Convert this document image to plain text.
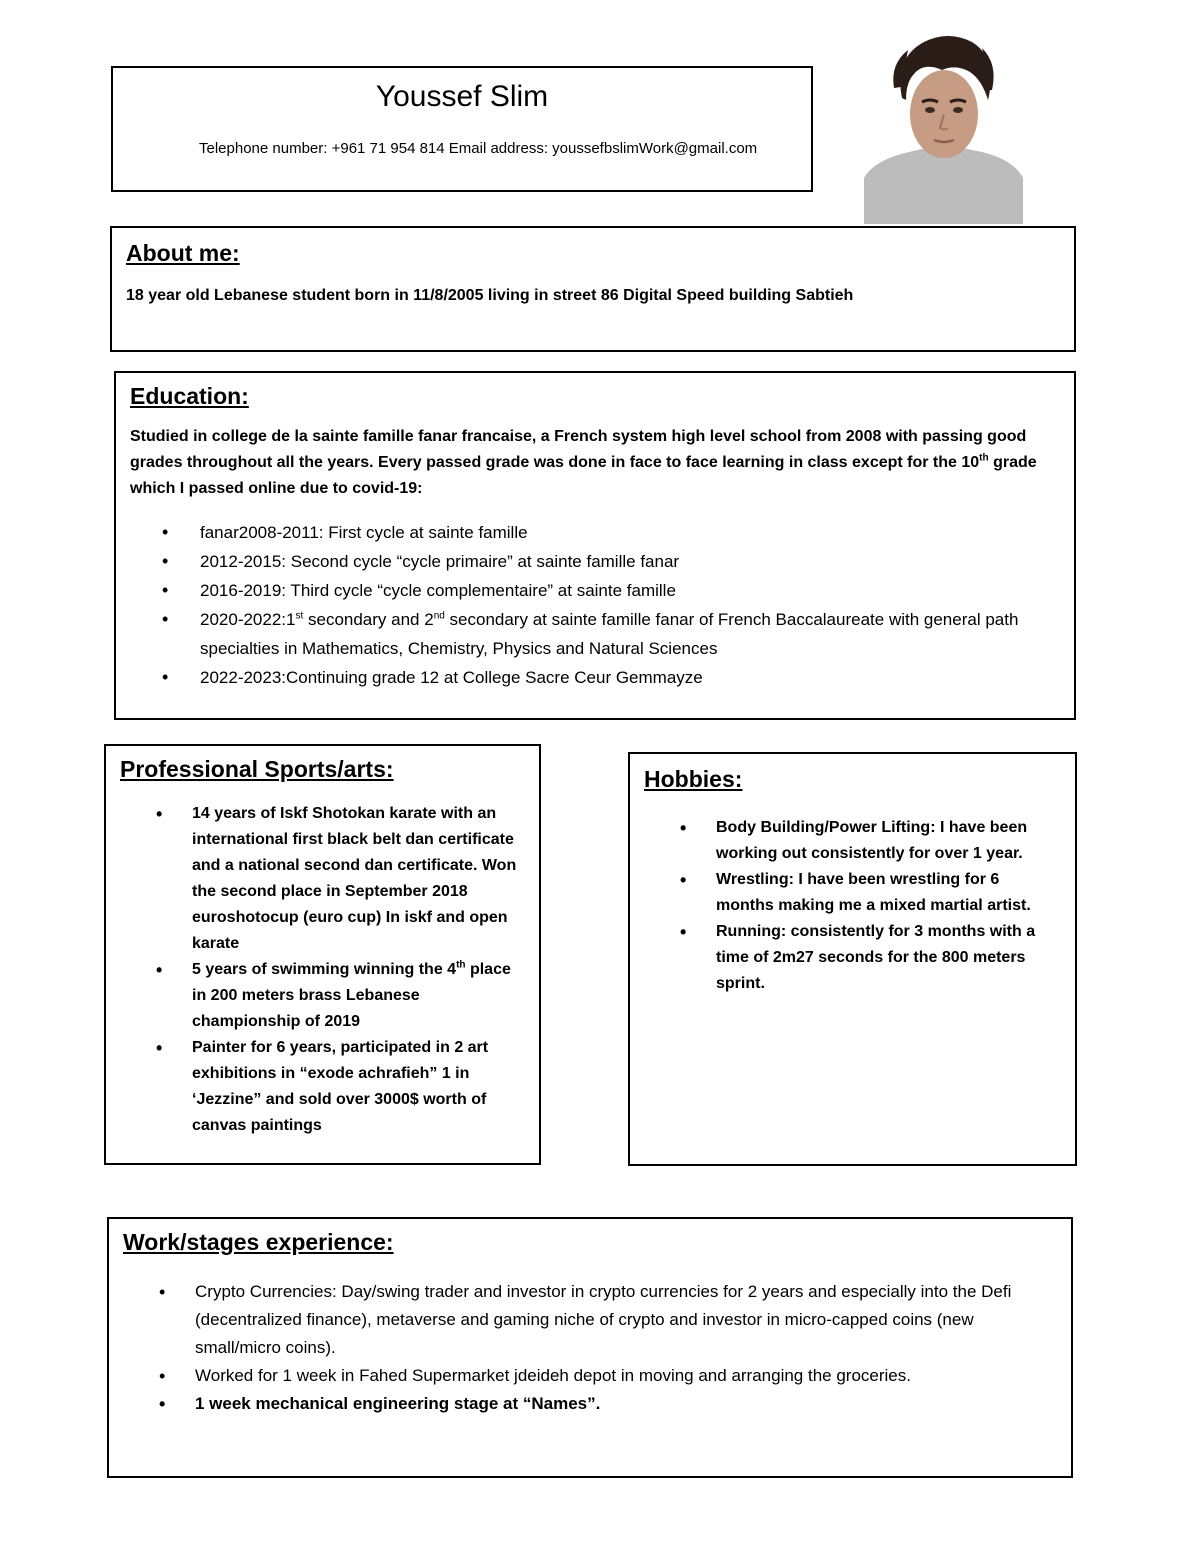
Youssef Slim
Telephone number: +961 71 954 814 Email address: youssefbslimWork@gmail.com
About me:
18 year old Lebanese student born in 11/8/2005 living in street 86 Digital Speed building Sabtieh
Education:
Studied in college de la sainte famille fanar francaise, a French system high level school from 2008 with passing good grades throughout all the years. Every passed grade was done in face to face learning in class except for the 10th grade which I passed online due to covid-19:
• fanar2008-2011: First cycle at sainte famille
• 2012-2015: Second cycle “cycle primaire” at sainte famille fanar
• 2016-2019: Third cycle “cycle complementaire” at sainte famille
• 2020-2022:1st secondary and 2nd secondary at sainte famille fanar of French Baccalaureate with general path specialties in Mathematics, Chemistry, Physics and Natural Sciences
• 2022-2023:Continuing grade 12 at College Sacre Ceur Gemmayze
Professional Sports/arts:
• 14 years of Iskf Shotokan karate with an international first black belt dan certificate and a national second dan certificate. Won the second place in September 2018 euroshotocup (euro cup) In iskf and open karate
• 5 years of swimming winning the 4th place in 200 meters brass Lebanese championship of 2019
• Painter for 6 years, participated in 2 art exhibitions in “exode achrafieh” 1 in ‘Jezzine” and sold over 3000$ worth of canvas paintings
Hobbies:
• Body Building/Power Lifting: I have been working out consistently for over 1 year.
• Wrestling: I have been wrestling for 6 months making me a mixed martial artist.
• Running: consistently for 3 months with a time of 2m27 seconds for the 800 meters sprint.
Work/stages experience:
• Crypto Currencies: Day/swing trader and investor in crypto currencies for 2 years and especially into the Defi (decentralized finance), metaverse and gaming niche of crypto and investor in micro-capped coins (new small/micro coins).
• Worked for 1 week in Fahed Supermarket jdeideh depot in moving and arranging the groceries.
• 1 week mechanical engineering stage at “Names”.
